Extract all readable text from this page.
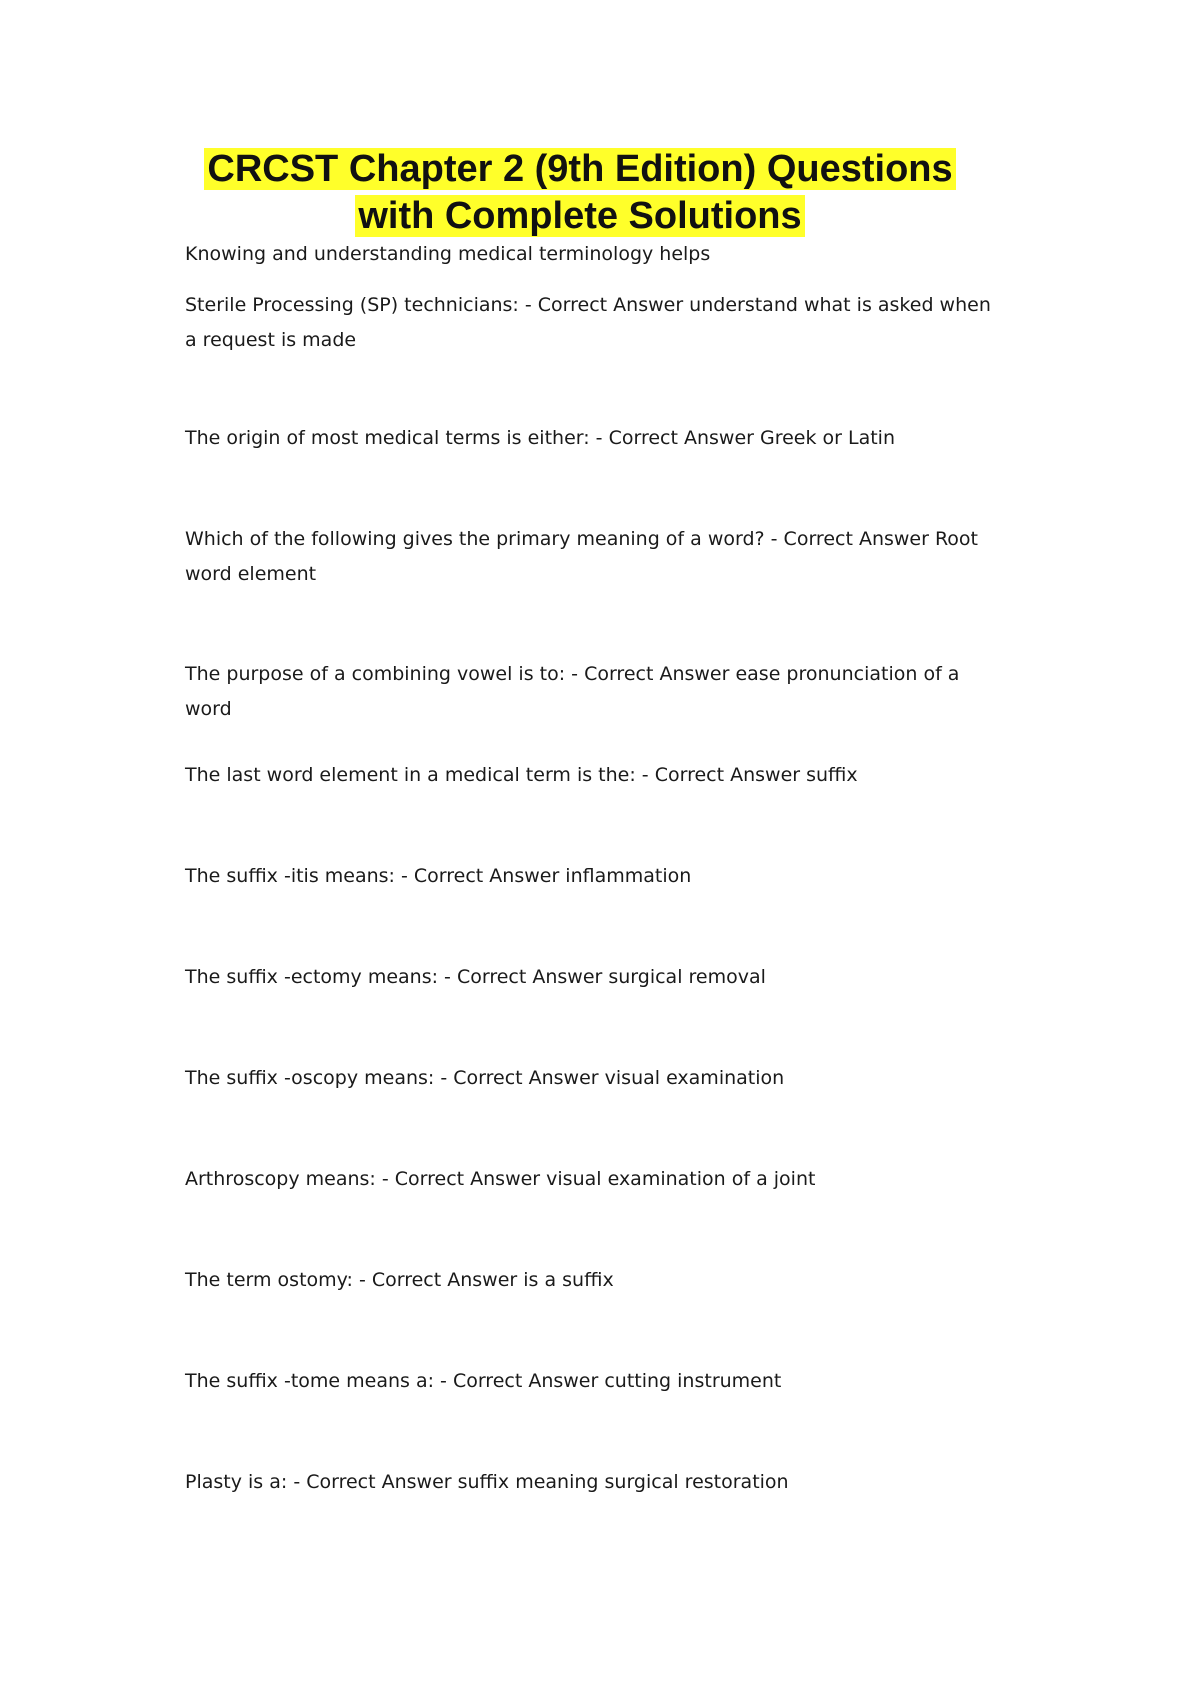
CRCST Chapter 2 (9th Edition) Questions
with Complete Solutions

Knowing and understanding medical terminology helps

Sterile Processing (SP) technicians: - Correct Answer understand what is asked when a request is made

The origin of most medical terms is either: - Correct Answer Greek or Latin

Which of the following gives the primary meaning of a word? - Correct Answer Root word element

The purpose of a combining vowel is to: - Correct Answer ease pronunciation of a word

The last word element in a medical term is the: - Correct Answer suffix

The suffix -itis means: - Correct Answer inflammation

The suffix -ectomy means: - Correct Answer surgical removal

The suffix -oscopy means: - Correct Answer visual examination

Arthroscopy means: - Correct Answer visual examination of a joint

The term ostomy: - Correct Answer is a suffix

The suffix -tome means a: - Correct Answer cutting instrument

Plasty is a: - Correct Answer suffix meaning surgical restoration
